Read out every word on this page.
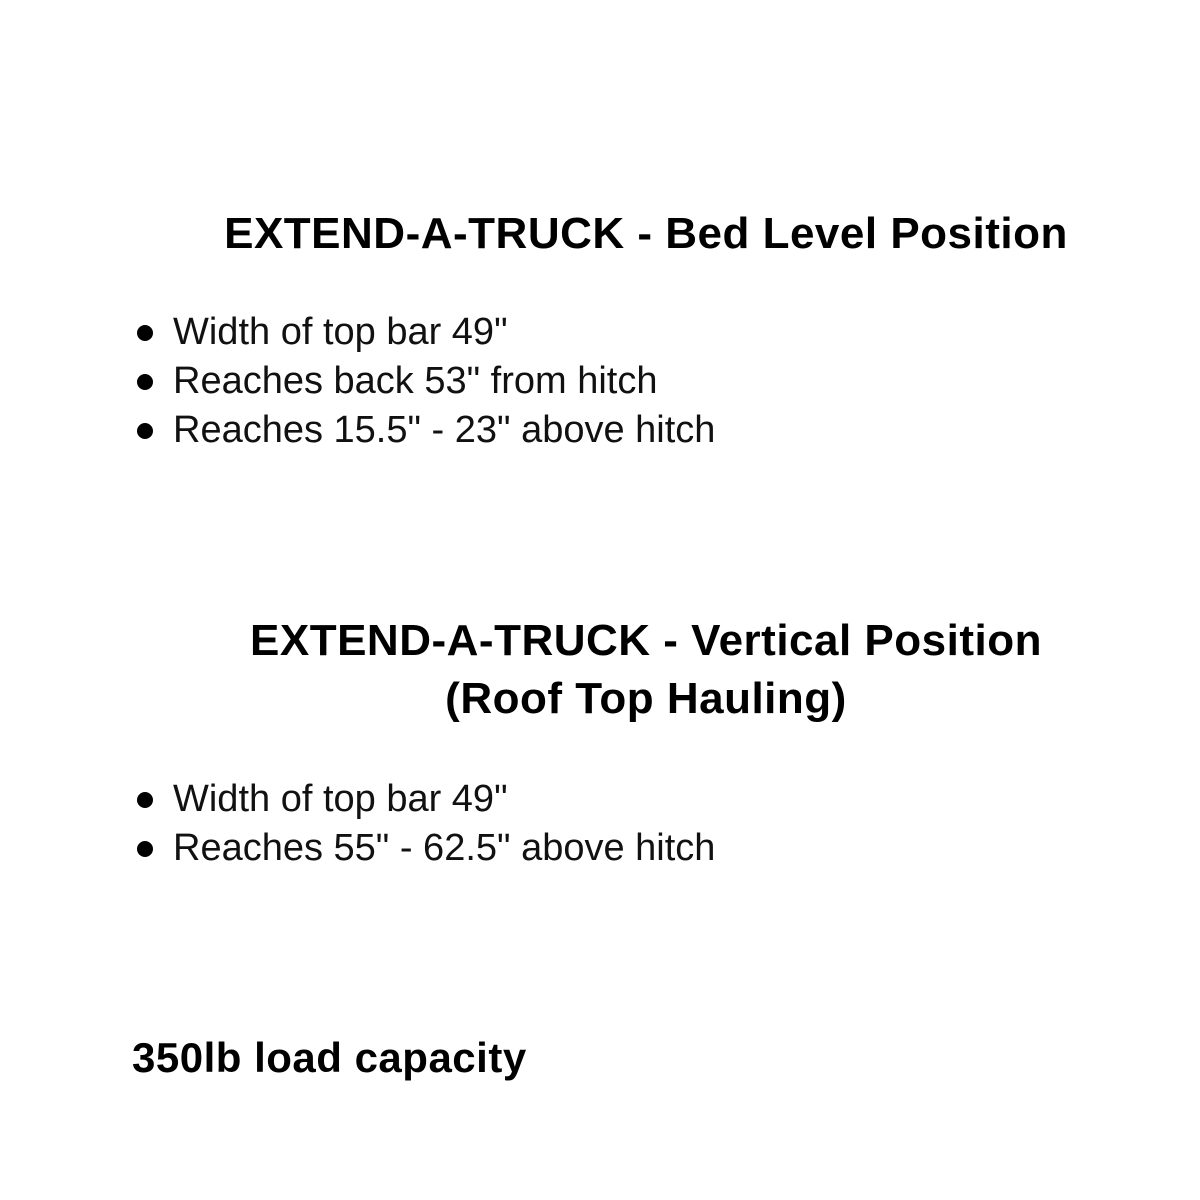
EXTEND-A-TRUCK - Bed Level Position
Width of top bar 49"
Reaches back 53" from hitch
Reaches 15.5" - 23" above hitch
EXTEND-A-TRUCK - Vertical Position
(Roof Top Hauling)
Width of top bar 49"
Reaches 55" - 62.5" above hitch

350lb load capacity
